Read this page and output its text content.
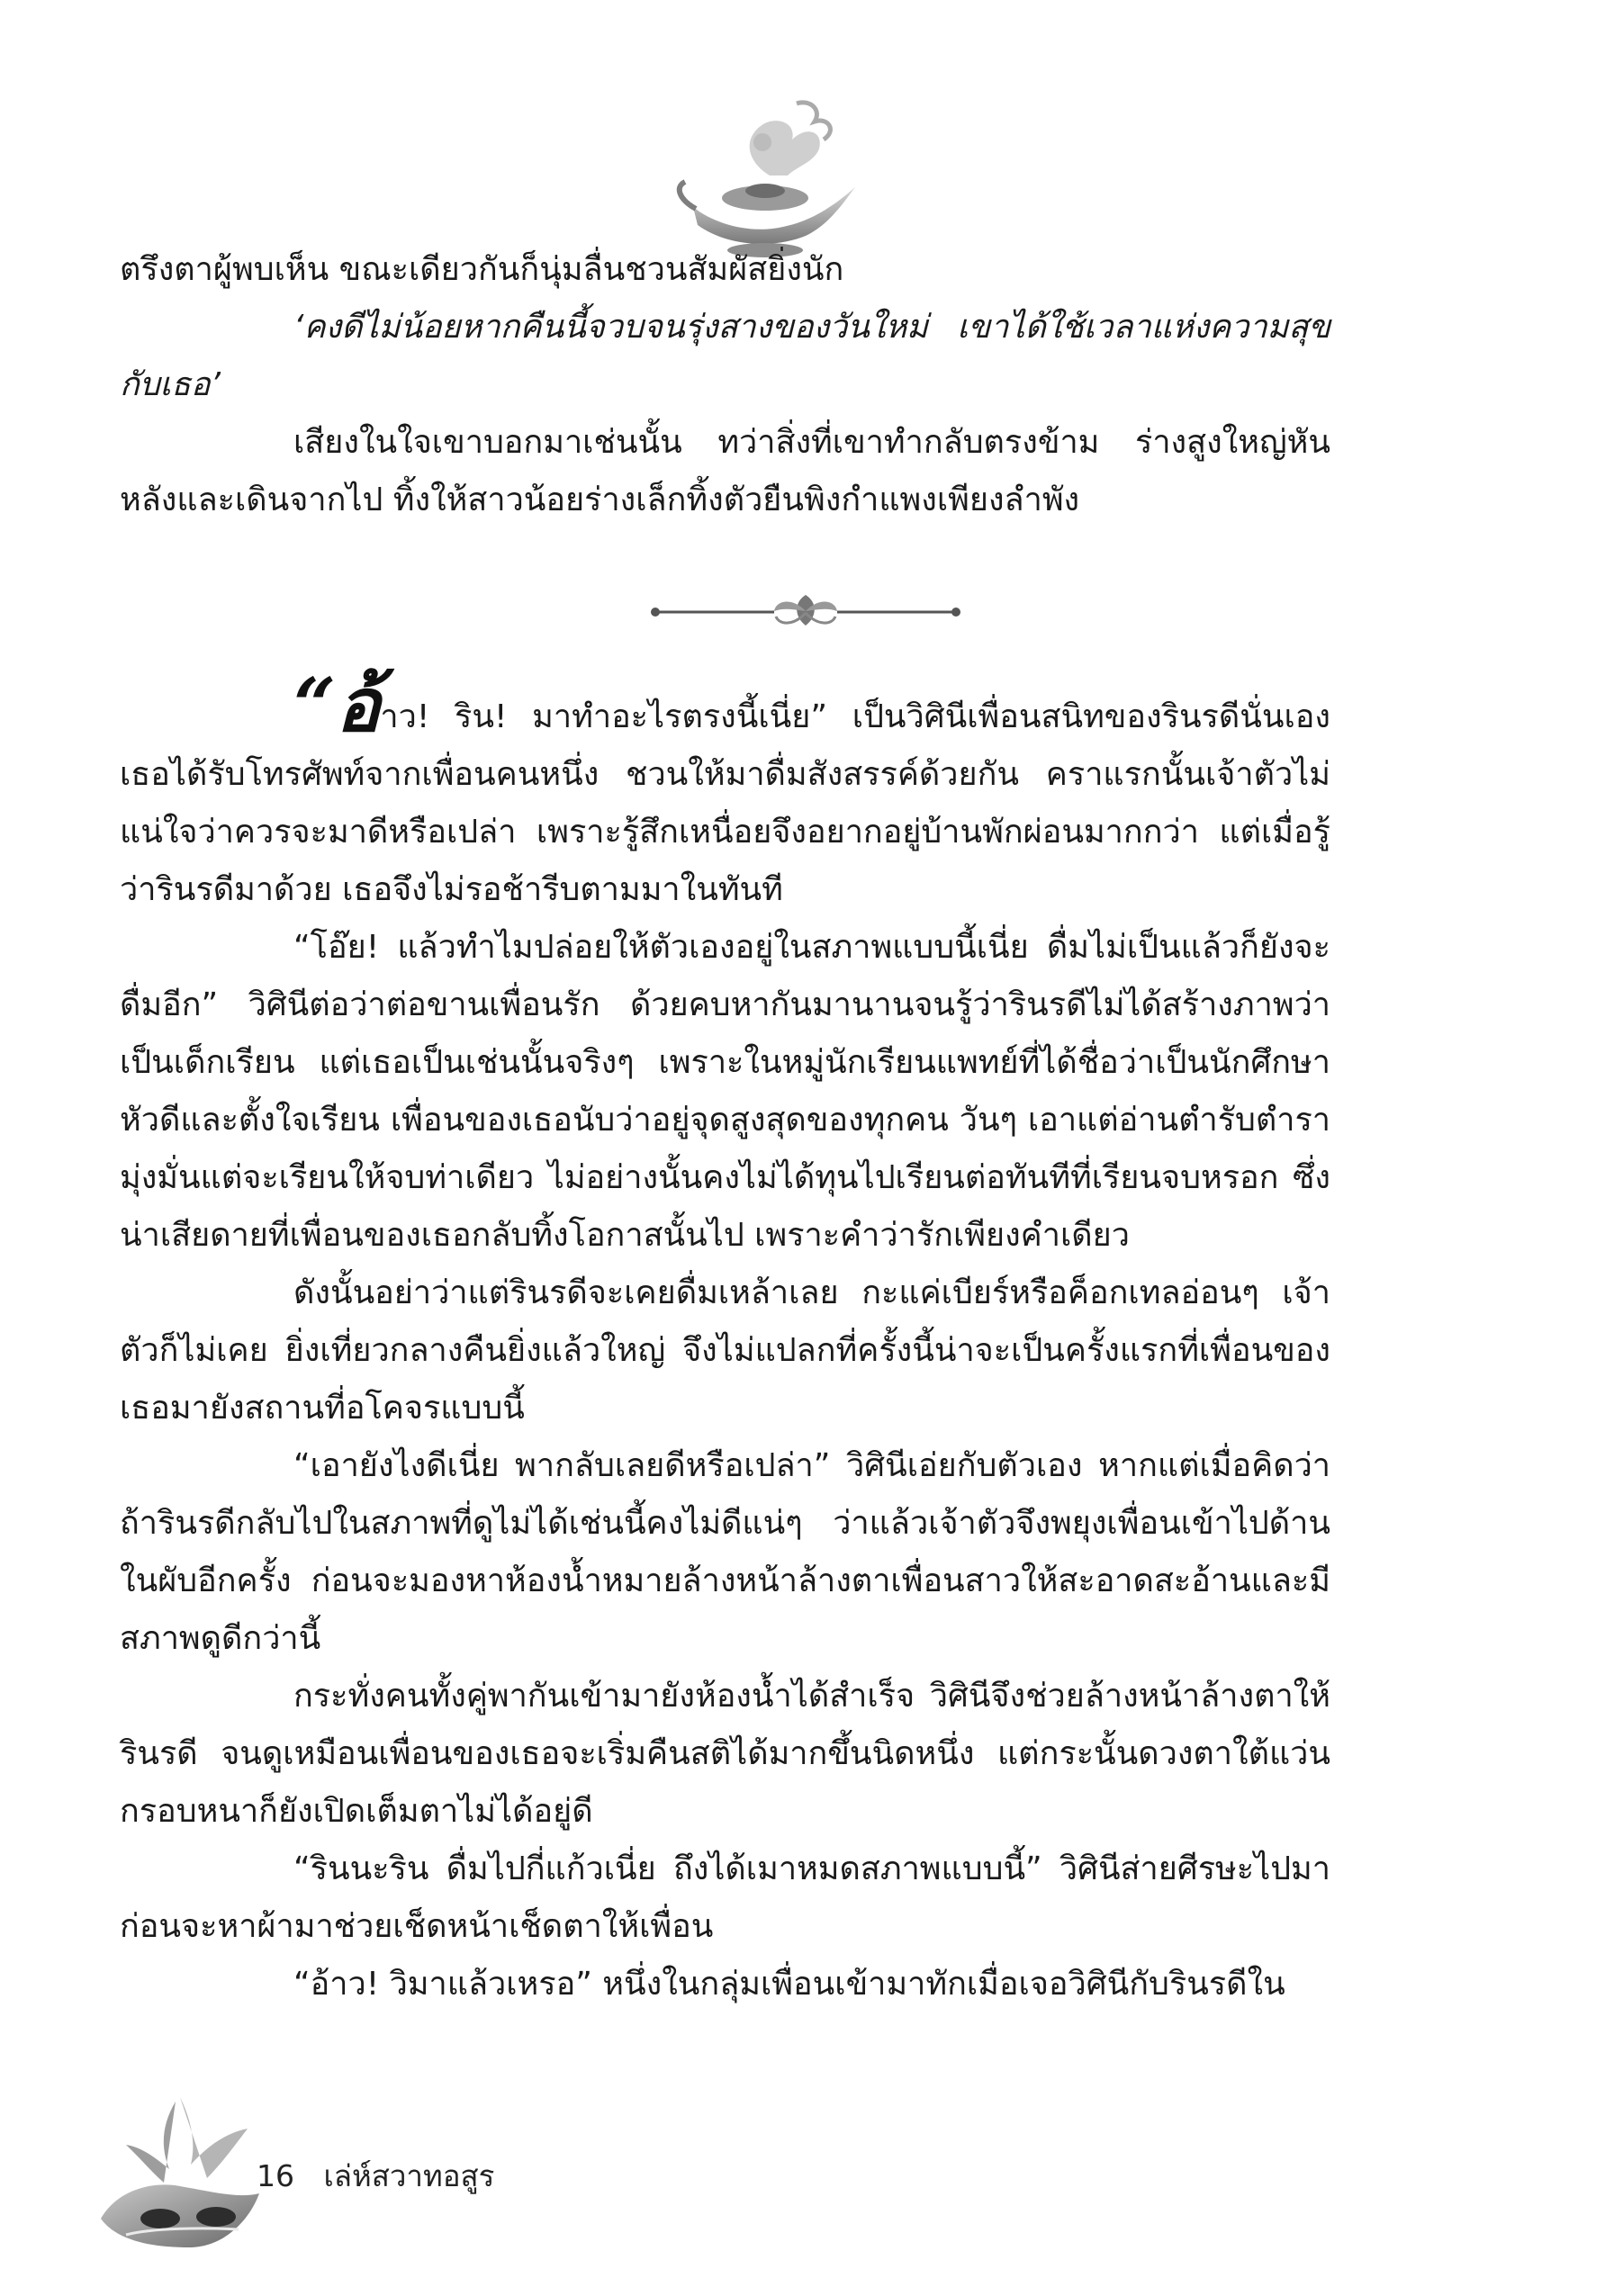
ตรึงตาผู้พบเห็น ขณะเดียวกันก็นุ่มลื่นชวนสัมผัสยิ่งนัก

‘คงดีไม่น้อยหากคืนนี้จวบจนรุ่งสางของวันใหม่ เขาได้ใช้เวลาแห่งความสุขกับเธอ’

เสียงในใจเขาบอกมาเช่นนั้น ทว่าสิ่งที่เขาทำกลับตรงข้าม ร่างสูงใหญ่หันหลังและเดินจากไป ทิ้งให้สาวน้อยร่างเล็กทิ้งตัวยืนพิงกำแพงเพียงลำพัง

“อ้าว! ริน! มาทำอะไรตรงนี้เนี่ย” เป็นวิศินีเพื่อนสนิทของรินรดีนั่นเอง เธอได้รับโทรศัพท์จากเพื่อนคนหนึ่ง ชวนให้มาดื่มสังสรรค์ด้วยกัน คราแรกนั้นเจ้าตัวไม่แน่ใจว่าควรจะมาดีหรือเปล่า เพราะรู้สึกเหนื่อยจึงอยากอยู่บ้านพักผ่อนมากกว่า แต่เมื่อรู้ว่ารินรดีมาด้วย เธอจึงไม่รอช้ารีบตามมาในทันที

“โอ๊ย! แล้วทำไมปล่อยให้ตัวเองอยู่ในสภาพแบบนี้เนี่ย ดื่มไม่เป็นแล้วก็ยังจะดื่มอีก” วิศินีต่อว่าต่อขานเพื่อนรัก ด้วยคบหากันมานานจนรู้ว่ารินรดีไม่ได้สร้างภาพว่าเป็นเด็กเรียน แต่เธอเป็นเช่นนั้นจริงๆ เพราะในหมู่นักเรียนแพทย์ที่ได้ชื่อว่าเป็นนักศึกษาหัวดีและตั้งใจเรียน เพื่อนของเธอนับว่าอยู่จุดสูงสุดของทุกคน วันๆ เอาแต่อ่านตำรับตำรา มุ่งมั่นแต่จะเรียนให้จบท่าเดียว ไม่อย่างนั้นคงไม่ได้ทุนไปเรียนต่อทันทีที่เรียนจบหรอก ซึ่งน่าเสียดายที่เพื่อนของเธอกลับทิ้งโอกาสนั้นไป เพราะคำว่ารักเพียงคำเดียว

ดังนั้นอย่าว่าแต่รินรดีจะเคยดื่มเหล้าเลย กะแค่เบียร์หรือค็อกเทลอ่อนๆ เจ้าตัวก็ไม่เคย ยิ่งเที่ยวกลางคืนยิ่งแล้วใหญ่ จึงไม่แปลกที่ครั้งนี้น่าจะเป็นครั้งแรกที่เพื่อนของเธอมายังสถานที่อโคจรแบบนี้

“เอายังไงดีเนี่ย พากลับเลยดีหรือเปล่า” วิศินีเอ่ยกับตัวเอง หากแต่เมื่อคิดว่าถ้ารินรดีกลับไปในสภาพที่ดูไม่ได้เช่นนี้คงไม่ดีแน่ๆ ว่าแล้วเจ้าตัวจึงพยุงเพื่อนเข้าไปด้านในผับอีกครั้ง ก่อนจะมองหาห้องน้ำหมายล้างหน้าล้างตาเพื่อนสาวให้สะอาดสะอ้านและมีสภาพดูดีกว่านี้

กระทั่งคนทั้งคู่พากันเข้ามายังห้องน้ำได้สำเร็จ วิศินีจึงช่วยล้างหน้าล้างตาให้รินรดี จนดูเหมือนเพื่อนของเธอจะเริ่มคืนสติได้มากขึ้นนิดหนึ่ง แต่กระนั้นดวงตาใต้แว่นกรอบหนาก็ยังเปิดเต็มตาไม่ได้อยู่ดี

“รินนะริน ดื่มไปกี่แก้วเนี่ย ถึงได้เมาหมดสภาพแบบนี้” วิศินีส่ายศีรษะไปมาก่อนจะหาผ้ามาช่วยเช็ดหน้าเช็ดตาให้เพื่อน

“อ้าว! วิมาแล้วเหรอ” หนึ่งในกลุ่มเพื่อนเข้ามาทักเมื่อเจอวิศินีกับรินรดีใน

16 เล่ห์สวาทอสูร
